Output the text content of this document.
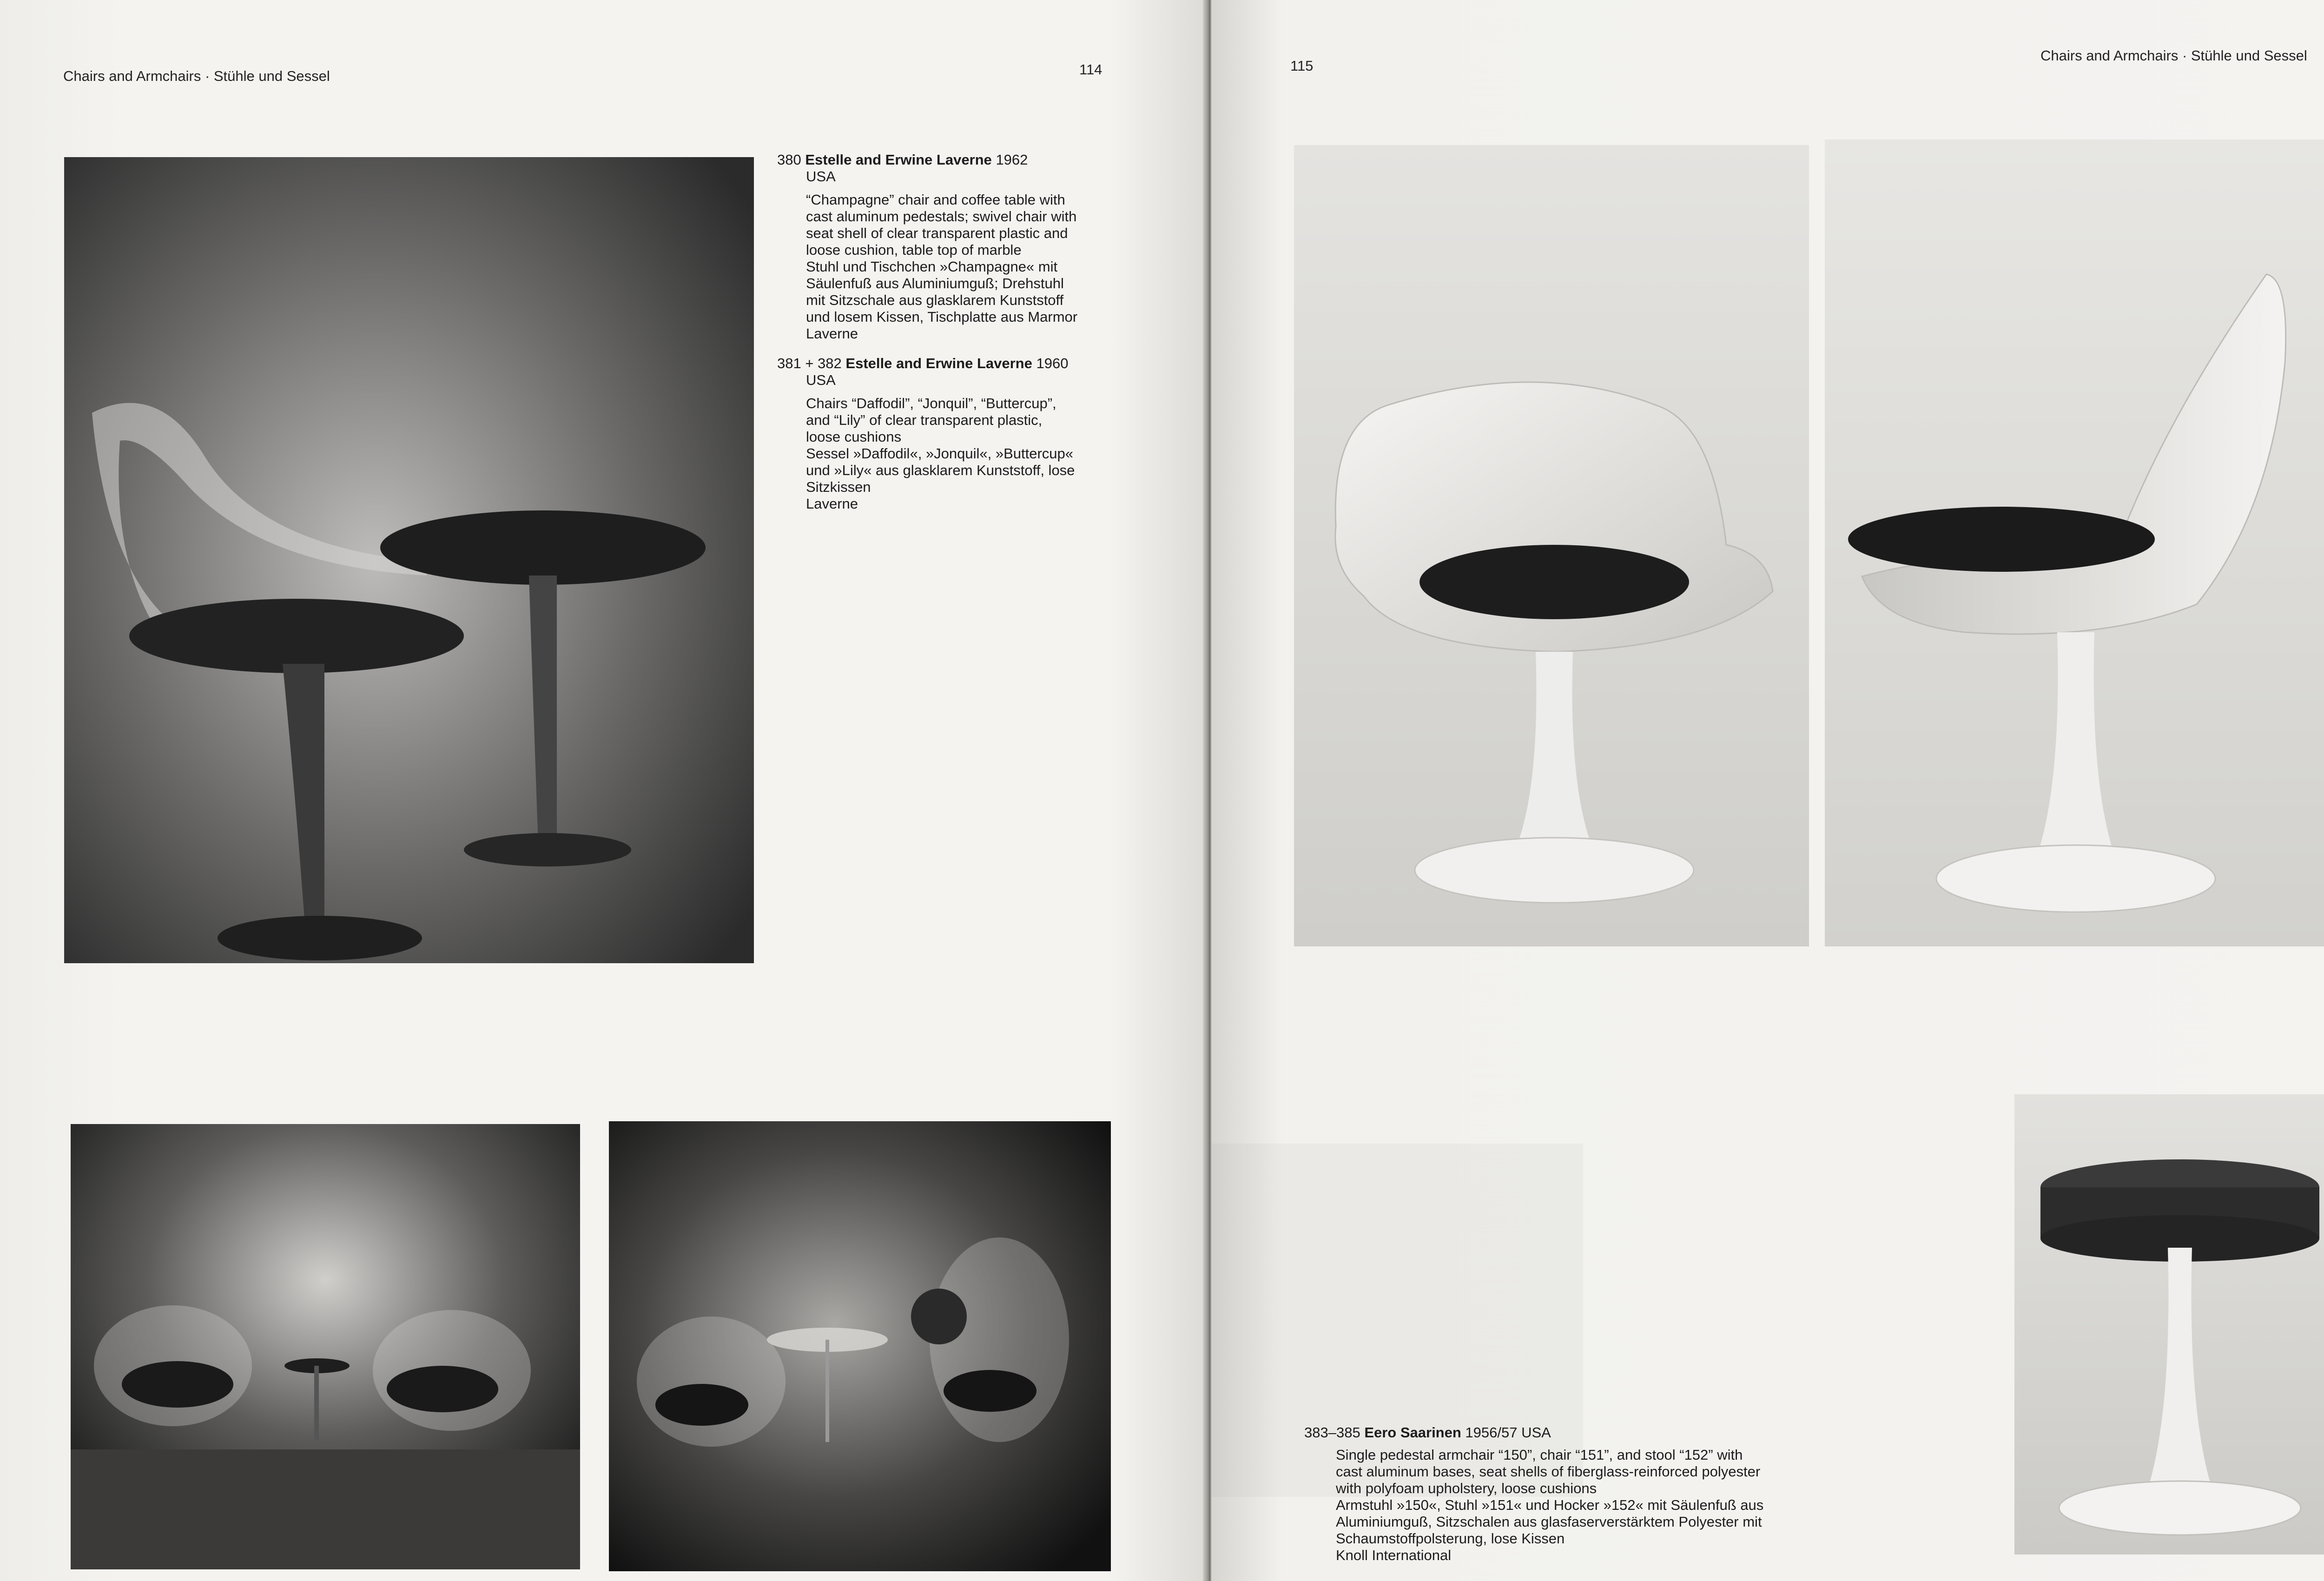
Chairs and Armchairs · Stühle und Sessel	114
380 Estelle and Erwine Laverne 1962
USA
“Champagne” chair and coffee table with
cast aluminum pedestals; swivel chair with
seat shell of clear transparent plastic and
loose cushion, table top of marble
Stuhl und Tischchen »Champagne« mit
Säulenfuß aus Aluminiumguß; Drehstuhl
mit Sitzschale aus glasklarem Kunststoff
und losem Kissen, Tischplatte aus Marmor
Laverne
381 + 382 Estelle and Erwine Laverne 1960
USA
Chairs “Daffodil”, “Jonquil”, “Buttercup”,
and “Lily” of clear transparent plastic,
loose cushions
Sessel »Daffodil«, »Jonquil«, »Buttercup«
und »Lily« aus glasklarem Kunststoff, lose
Sitzkissen
Laverne
115
Chairs and Armchairs · Stühle und Sessel
383–385 Eero Saarinen 1956/57 USA
Single pedestal armchair “150”, chair “151”, and stool “152” with
cast aluminum bases, seat shells of fiberglass-reinforced polyester
with polyfoam upholstery, loose cushions
Armstuhl »150«, Stuhl »151« und Hocker »152« mit Säulenfuß aus
Aluminiumguß, Sitzschalen aus glasfaserverstärktem Polyester mit
Schaumstoffpolsterung, lose Kissen
Knoll International
